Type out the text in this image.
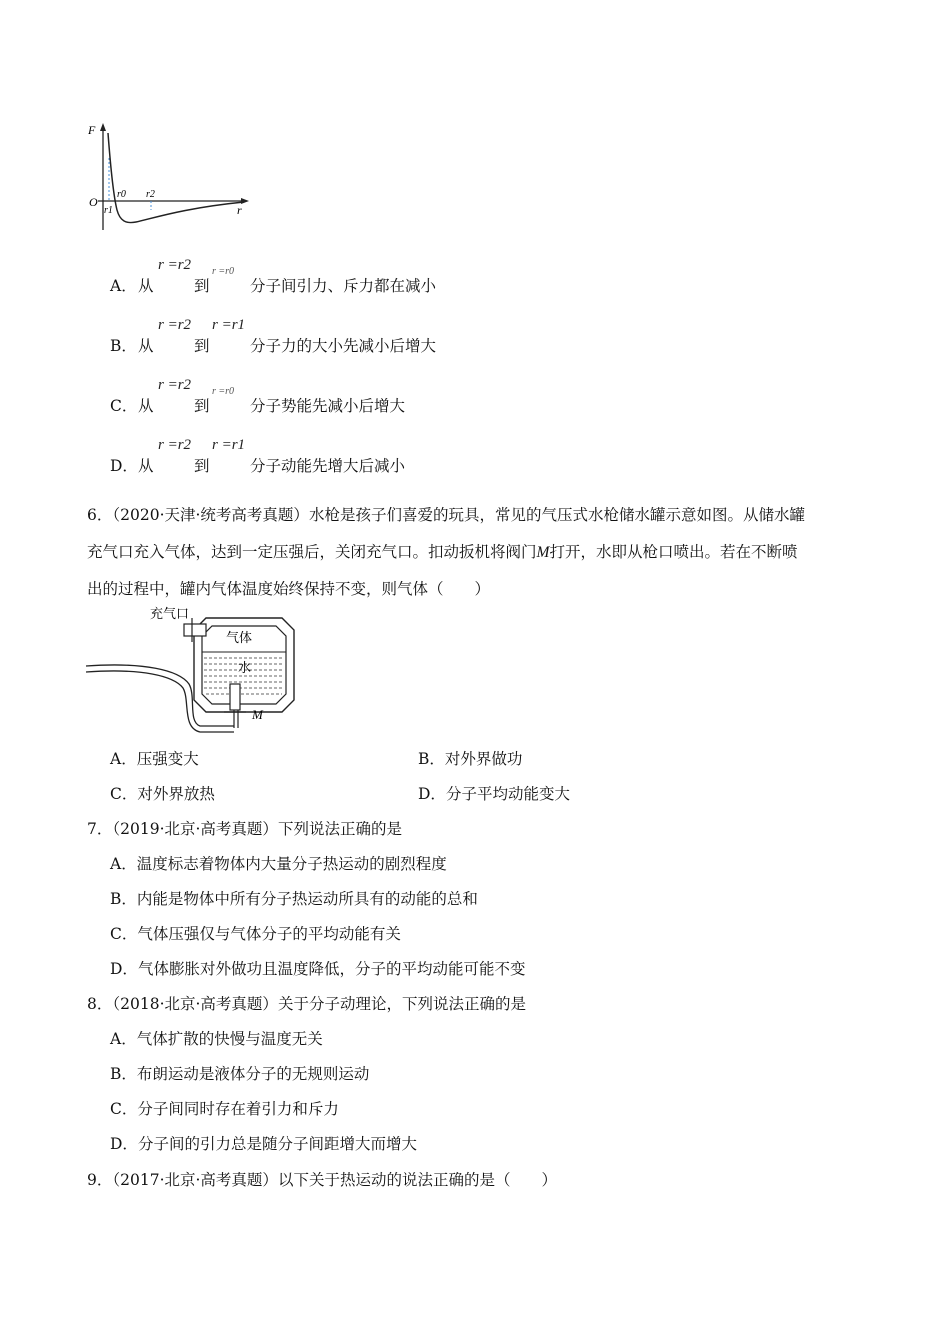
F
r
O
r0
r1
r2
A． 从
r =r2
到
r =r0
分子间引力、斥力都在减小
B． 从
r =r2
到
r =r1
分子力的大小先减小后增大
C． 从
r =r2
到
r =r0
分子势能先减小后增大
D． 从
r =r2
到
r =r1
分子动能先增大后减小
6．（2020·天津·统考高考真题）水枪是孩子们喜爱的玩具，常见的气压式水枪储水罐示意如图。从储水罐
充气口充入气体，达到一定压强后，关闭充气口。扣动扳机将阀门M打开，水即从枪口喷出。若在不断喷
出的过程中，罐内气体温度始终保持不变，则气体（　　）
充气口
气体
水
M
A．压强变大	B．对外界做功
C．对外界放热	D．分子平均动能变大
7．（2019·北京·高考真题）下列说法正确的是
A．温度标志着物体内大量分子热运动的剧烈程度
B．内能是物体中所有分子热运动所具有的动能的总和
C．气体压强仅与气体分子的平均动能有关
D．气体膨胀对外做功且温度降低，分子的平均动能可能不变
8．（2018·北京·高考真题）关于分子动理论，下列说法正确的是
A．气体扩散的快慢与温度无关
B．布朗运动是液体分子的无规则运动
C．分子间同时存在着引力和斥力
D．分子间的引力总是随分子间距增大而增大
9．（2017·北京·高考真题）以下关于热运动的说法正确的是（　　）
